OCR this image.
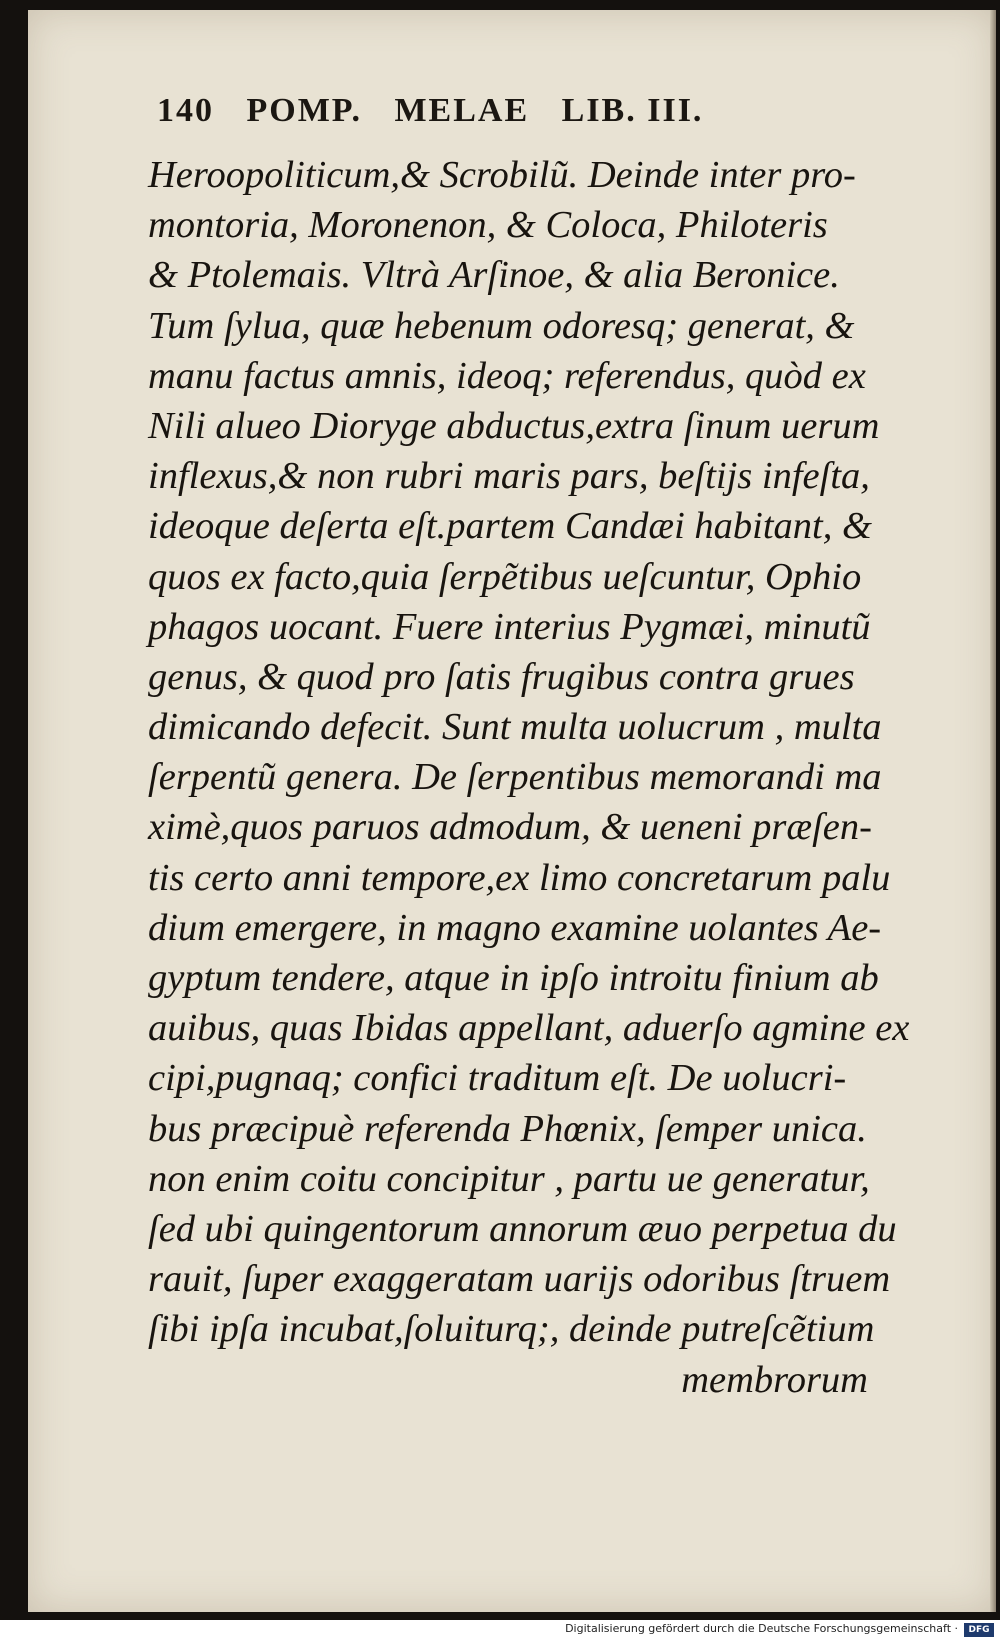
140 POMP. MELAE LIB. III.
Heroopoliticum,& Scrobilũ. Deinde inter pro-
montoria, Moronenon, & Coloca, Philoteris
& Ptolemais. Vltrà Arſinoe, & alia Beronice.
Tum ſylua, quæ hebenum odoresq; generat, &
manu factus amnis, ideoq; referendus, quòd ex
Nili alueo Dioryge abductus,extra ſinum uerum
inflexus,& non rubri maris pars, beſtijs infeſta,
ideoque deſerta eſt.partem Candæi habitant, &
quos ex facto,quia ſerpẽtibus ueſcuntur, Ophio
phagos uocant. Fuere interius Pygmæi, minutũ
genus, & quod pro ſatis frugibus contra grues
dimicando defecit. Sunt multa uolucrum , multa
ſerpentũ genera. De ſerpentibus memorandi ma
ximè,quos paruos admodum, & ueneni præſen-
tis certo anni tempore,ex limo concretarum palu
dium emergere, in magno examine uolantes Ae-
gyptum tendere, atque in ipſo introitu finium ab
auibus, quas Ibidas appellant, aduerſo agmine ex
cipi,pugnaq; confici traditum eſt. De uolucri-
bus præcipuè referenda Phœnix, ſemper unica.
non enim coitu concipitur , partu ue generatur,
ſed ubi quingentorum annorum æuo perpetua du
rauit, ſuper exaggeratam uarijs odoribus ſtruem
ſibi ipſa incubat,ſoluiturq;, deinde putreſcẽtium
membrorum
Digitalisierung gefördert durch die Deutsche Forschungsgemeinschaft ·	DFG
